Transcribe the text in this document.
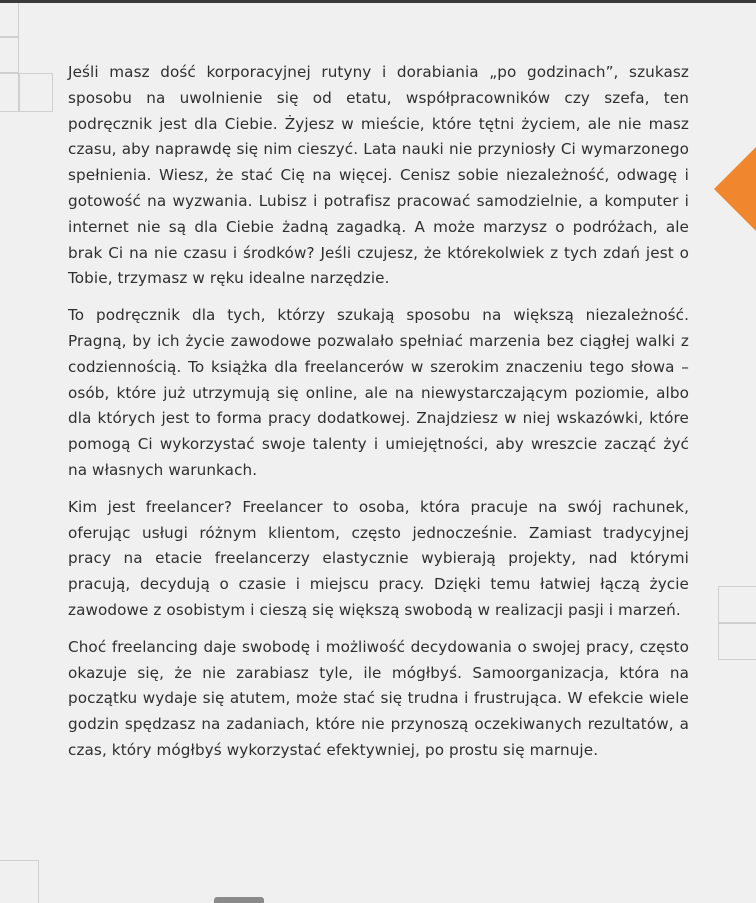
Jeśli masz dość korporacyjnej rutyny i dorabiania „po godzinach”, szukasz sposobu na uwolnienie się od etatu, współpracowników czy szefa, ten podręcznik jest dla Ciebie. Żyjesz w mieście, które tętni życiem, ale nie masz czasu, aby naprawdę się nim cieszyć. Lata nauki nie przyniosły Ci wymarzonego spełnienia. Wiesz, że stać Cię na więcej. Cenisz sobie niezależność, odwagę i gotowość na wyzwania. Lubisz i potrafisz pracować samodzielnie, a komputer i internet nie są dla Ciebie żadną zagadką. A może marzysz o podróżach, ale brak Ci na nie czasu i środków? Jeśli czujesz, że którekolwiek z tych zdań jest o Tobie, trzymasz w ręku idealne narzędzie.

To podręcznik dla tych, którzy szukają sposobu na większą niezależność. Pragną, by ich życie zawodowe pozwalało spełniać marzenia bez ciągłej walki z codziennością. To książka dla freelancerów w szerokim znaczeniu tego słowa – osób, które już utrzymują się online, ale na niewystarczającym poziomie, albo dla których jest to forma pracy dodatkowej. Znajdziesz w niej wskazówki, które pomogą Ci wykorzystać swoje talenty i umiejętności, aby wreszcie zacząć żyć na własnych warunkach.

Kim jest freelancer? Freelancer to osoba, która pracuje na swój rachunek, oferując usługi różnym klientom, często jednocześnie. Zamiast tradycyjnej pracy na etacie freelancerzy elastycznie wybierają projekty, nad którymi pracują, decydują o czasie i miejscu pracy. Dzięki temu łatwiej łączą życie zawodowe z osobistym i cieszą się większą swobodą w realizacji pasji i marzeń.

Choć freelancing daje swobodę i możliwość decydowania o swojej pracy, często okazuje się, że nie zarabiasz tyle, ile mógłbyś. Samoorganizacja, która na początku wydaje się atutem, może stać się trudna i frustrująca. W efekcie wiele godzin spędzasz na zadaniach, które nie przynoszą oczekiwanych rezultatów, a czas, który mógłbyś wykorzystać efektywniej, po prostu się marnuje.
